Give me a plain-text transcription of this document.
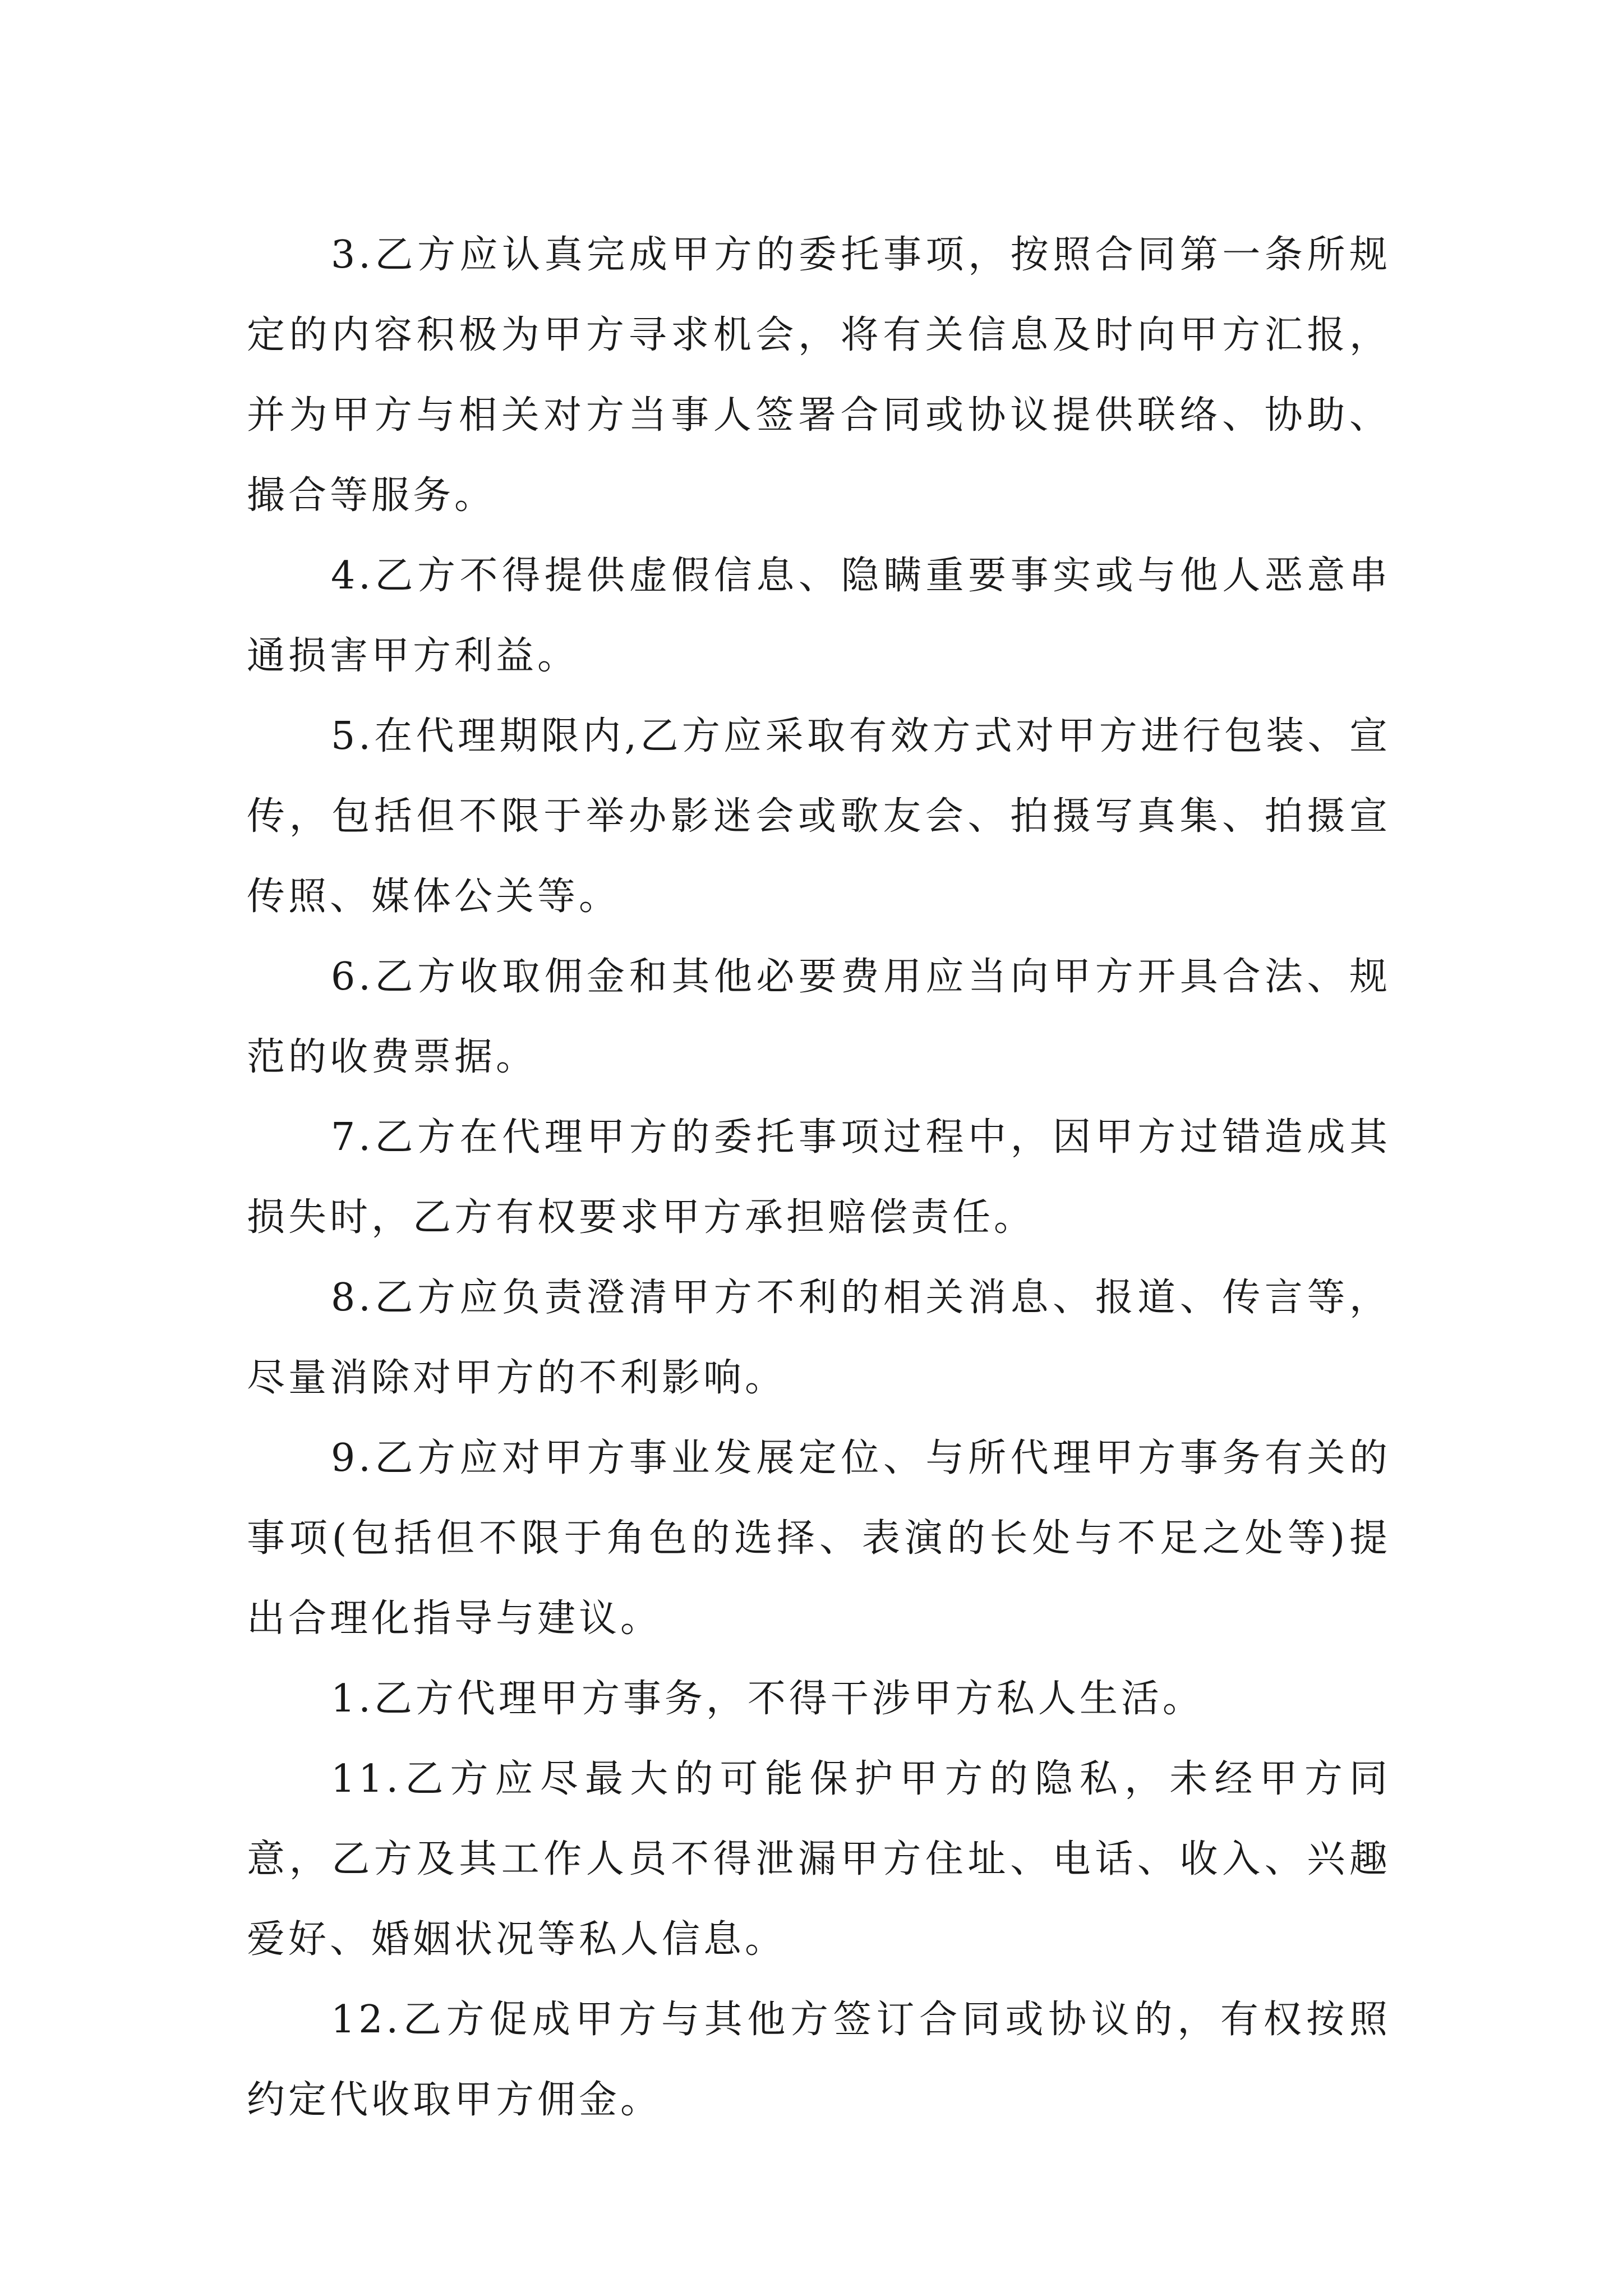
3.乙方应认真完成甲方的委托事项，按照合同第一条所规定的内容积极为甲方寻求机会，将有关信息及时向甲方汇报，并为甲方与相关对方当事人签署合同或协议提供联络、协助、撮合等服务。

4.乙方不得提供虚假信息、隐瞒重要事实或与他人恶意串通损害甲方利益。

5.在代理期限内,乙方应采取有效方式对甲方进行包装、宣传，包括但不限于举办影迷会或歌友会、拍摄写真集、拍摄宣传照、媒体公关等。

6.乙方收取佣金和其他必要费用应当向甲方开具合法、规范的收费票据。

7.乙方在代理甲方的委托事项过程中，因甲方过错造成其损失时，乙方有权要求甲方承担赔偿责任。

8.乙方应负责澄清甲方不利的相关消息、报道、传言等，尽量消除对甲方的不利影响。

9.乙方应对甲方事业发展定位、与所代理甲方事务有关的事项(包括但不限于角色的选择、表演的长处与不足之处等)提出合理化指导与建议。

1.乙方代理甲方事务，不得干涉甲方私人生活。

11.乙方应尽最大的可能保护甲方的隐私，未经甲方同意，乙方及其工作人员不得泄漏甲方住址、电话、收入、兴趣爱好、婚姻状况等私人信息。

12.乙方促成甲方与其他方签订合同或协议的，有权按照约定代收取甲方佣金。
